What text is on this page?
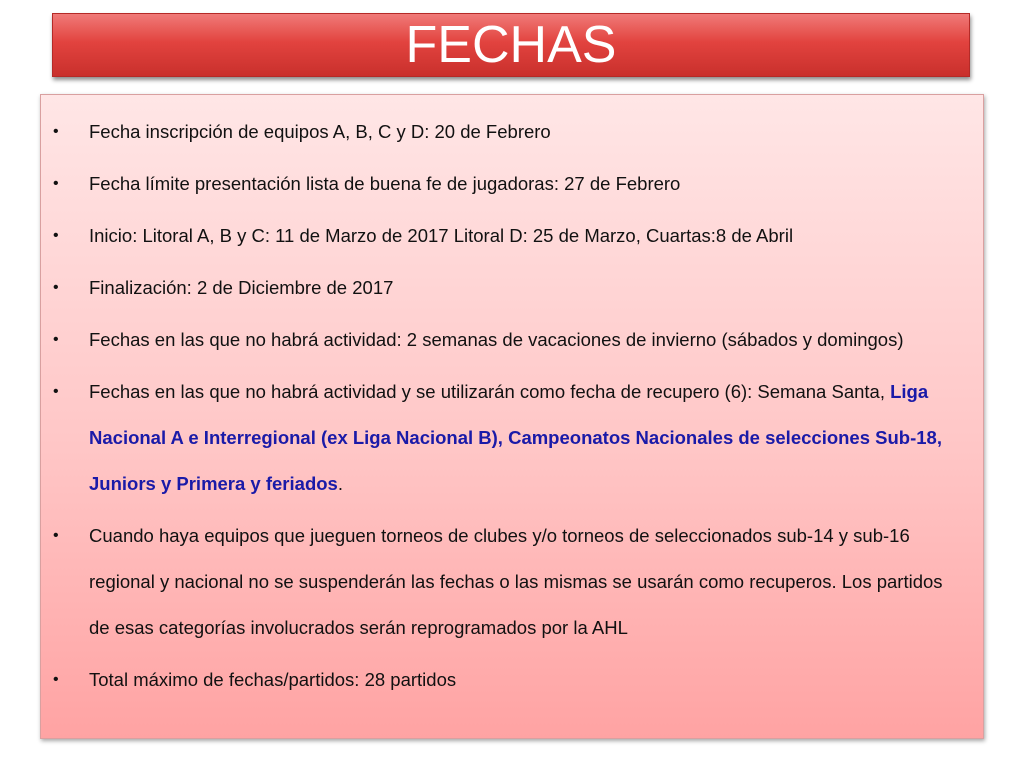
FECHAS
• Fecha inscripción de equipos A, B, C y D: 20 de Febrero
• Fecha límite presentación lista de buena fe de jugadoras: 27 de Febrero
• Inicio: Litoral A, B y C: 11 de Marzo de 2017 Litoral D: 25 de Marzo, Cuartas:8 de Abril
• Finalización: 2 de Diciembre de 2017
• Fechas en las que no habrá actividad: 2 semanas de vacaciones de invierno (sábados y domingos)
• Fechas en las que no habrá actividad y se utilizarán como fecha de recupero (6): Semana Santa, Liga Nacional A e Interregional (ex Liga Nacional B), Campeonatos Nacionales de selecciones Sub-18, Juniors y Primera y feriados.
• Cuando haya equipos que jueguen torneos de clubes y/o torneos de seleccionados sub-14 y sub-16 regional y nacional no se suspenderán las fechas o las mismas se usarán como recuperos. Los partidos de esas categorías involucrados serán reprogramados por la AHL
• Total máximo de fechas/partidos: 28 partidos
